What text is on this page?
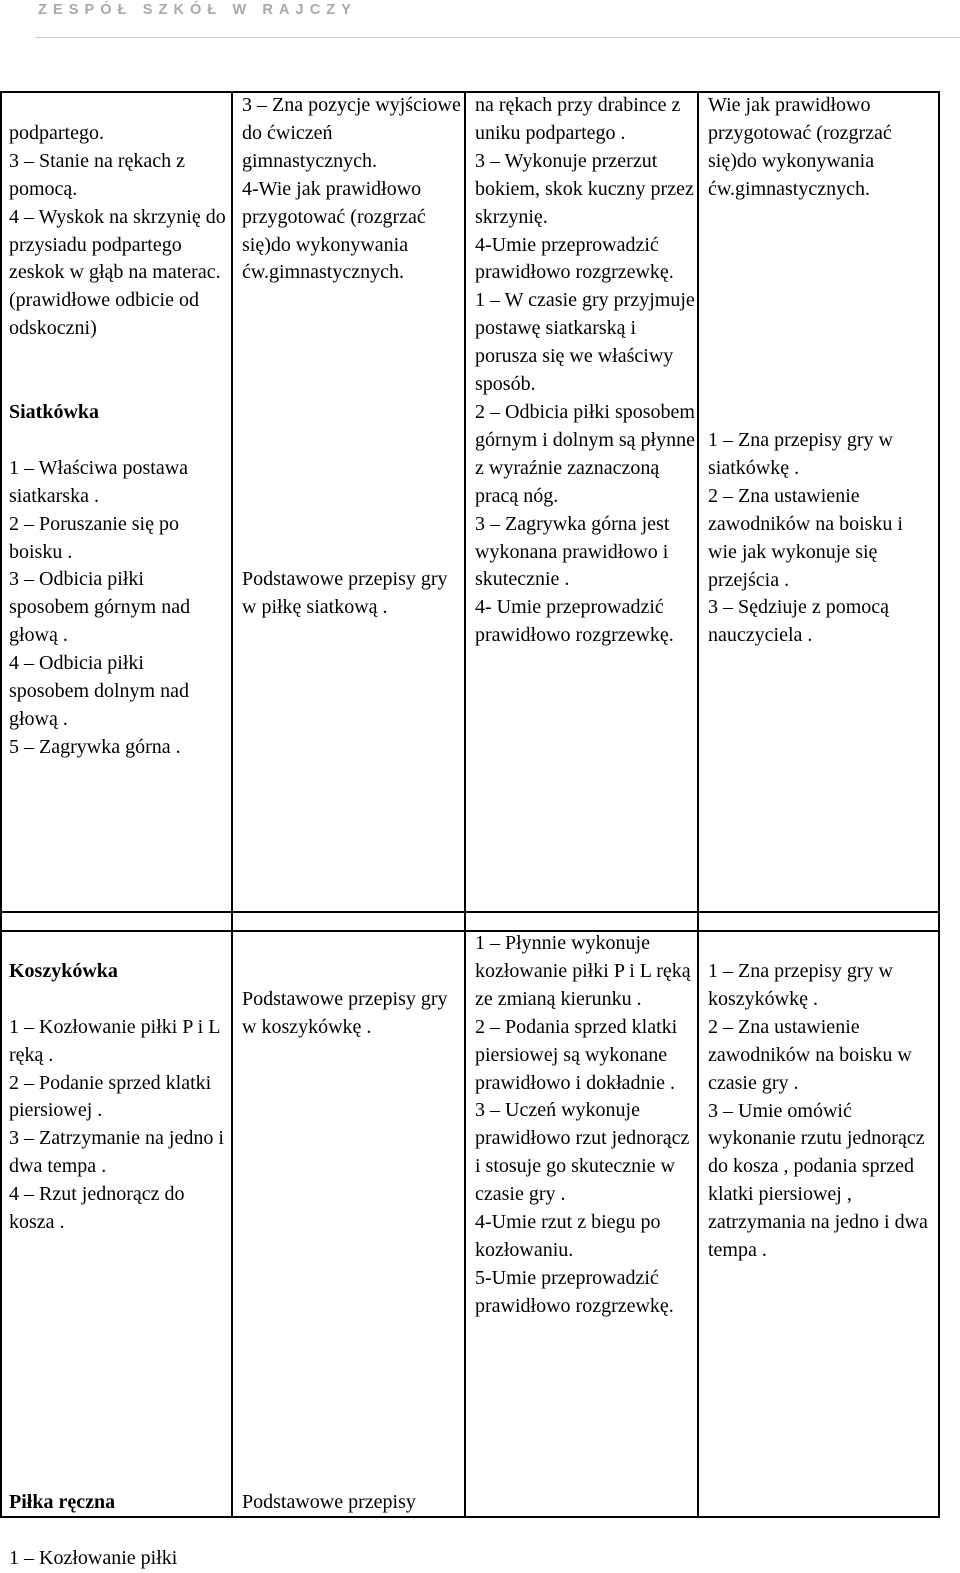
ZESPÓŁ SZKÓŁ W RAJCZY

podpartego.
3 – Stanie na rękach z pomocą.
4 – Wyskok na skrzynię do przysiadu podpartego zeskok w głąb na materac. (prawidłowe odbicie od odskoczni)

Siatkówka

1 – Właściwa postawa siatkarska .
2 – Poruszanie się po boisku .
3 – Odbicia piłki sposobem górnym nad głową .
4 – Odbicia piłki sposobem dolnym nad głową .
5 – Zagrywka górna .

3 – Zna pozycje wyjściowe do ćwiczeń gimnastycznych.
4-Wie jak prawidłowo przygotować (rozgrzać się)do wykonywania ćw.gimnastycznych.
Podstawowe przepisy gry w piłkę siatkową .
na rękach przy drabince z uniku podpartego .
3 – Wykonuje przerzut bokiem, skok kuczny przez skrzynię.
4-Umie przeprowadzić prawidłowo rozgrzewkę.
1 – W czasie gry przyjmuje postawę siatkarską i porusza się we właściwy sposób.
2 – Odbicia piłki sposobem górnym i dolnym są płynne z wyraźnie zaznaczoną pracą nóg.
3 – Zagrywka górna jest wykonana prawidłowo i skutecznie .
4- Umie przeprowadzić prawidłowo rozgrzewkę.
Wie jak prawidłowo przygotować (rozgrzać się)do wykonywania ćw.gimnastycznych.
1 – Zna przepisy gry w siatkówkę .
2 – Zna ustawienie zawodników na boisku i wie jak wykonuje się przejścia .
3 – Sędziuje z pomocą nauczyciela .

Koszykówka

1 – Kozłowanie piłki P i L ręką .
2 – Podanie sprzed klatki piersiowej .
3 – Zatrzymanie na jedno i dwa tempa .
4 – Rzut jednorącz do kosza .

Piłka ręczna

1 – Kozłowanie piłki

Podstawowe przepisy gry w koszykówkę .
Podstawowe przepisy
1 – Płynnie wykonuje kozłowanie piłki P i L ręką ze zmianą kierunku .
2 – Podania sprzed klatki piersiowej są wykonane prawidłowo i dokładnie .
3 – Uczeń wykonuje prawidłowo rzut jednorącz i stosuje go skutecznie w czasie gry .
4-Umie rzut z biegu po kozłowaniu.
5-Umie przeprowadzić prawidłowo rozgrzewkę.
1 – Zna przepisy gry w koszykówkę .
2 – Zna ustawienie zawodników na boisku w czasie gry .
3 – Umie omówić wykonanie rzutu jednorącz do kosza , podania sprzed klatki piersiowej , zatrzymania na jedno i dwa tempa .
